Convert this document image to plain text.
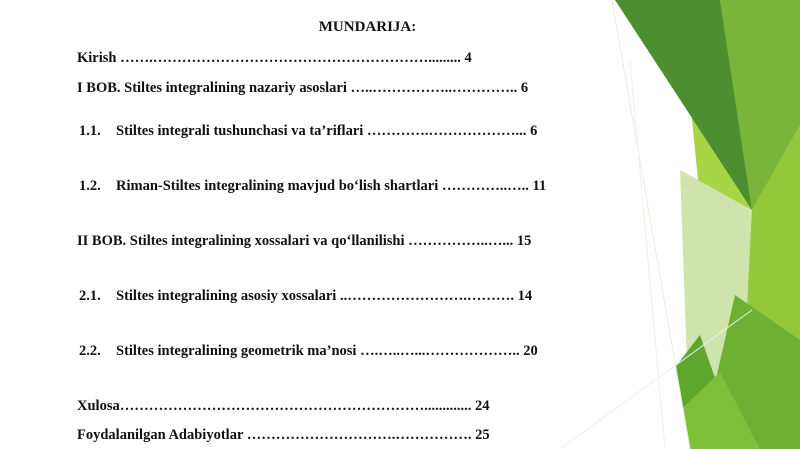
MUNDARIJA:
Kirish …….…………………………………………………......... 4
I BOB. Stiltes integralining nazariy asoslari …..……………..………….. 6
1.1. Stiltes integrali tushunchasi va ta’riflari ………….………………... 6
1.2. Riman-Stiltes integralining mavjud bo‘lish shartlari …………..….. 11
II BOB. Stiltes integralining xossalari va qo‘llanilishi ……………..…... 15
2.1. Stiltes integralining asosiy xossalari ..…………………….………. 14
2.2. Stiltes integralining geometrik ma’nosi ….…..…...……………….. 20
Xulosa………………………………………………………............. 24
Foydalanilgan Adabiyotlar ………………………….……………. 25
